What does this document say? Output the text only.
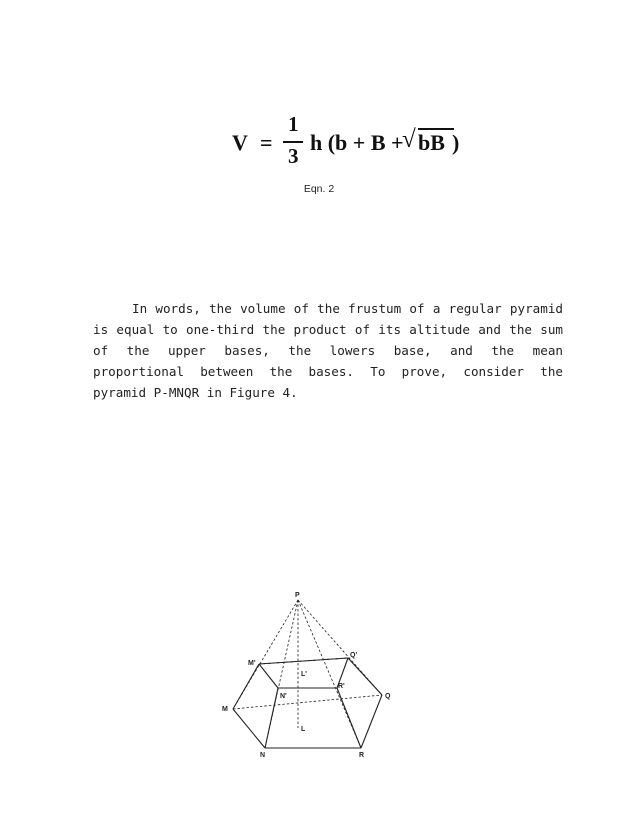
V =
1
3
h (b + B +
√ bB )
Eqn. 2

In words, the volume of the frustum of a regular pyramid is equal to one-third the product of its altitude and the sum of the upper bases, the lowers base, and the mean proportional between the bases. To prove, consider the pyramid P-MNQR in Figure 4.

P
M'
Q'
L'
N'
R'
M
Q
L
N	R
